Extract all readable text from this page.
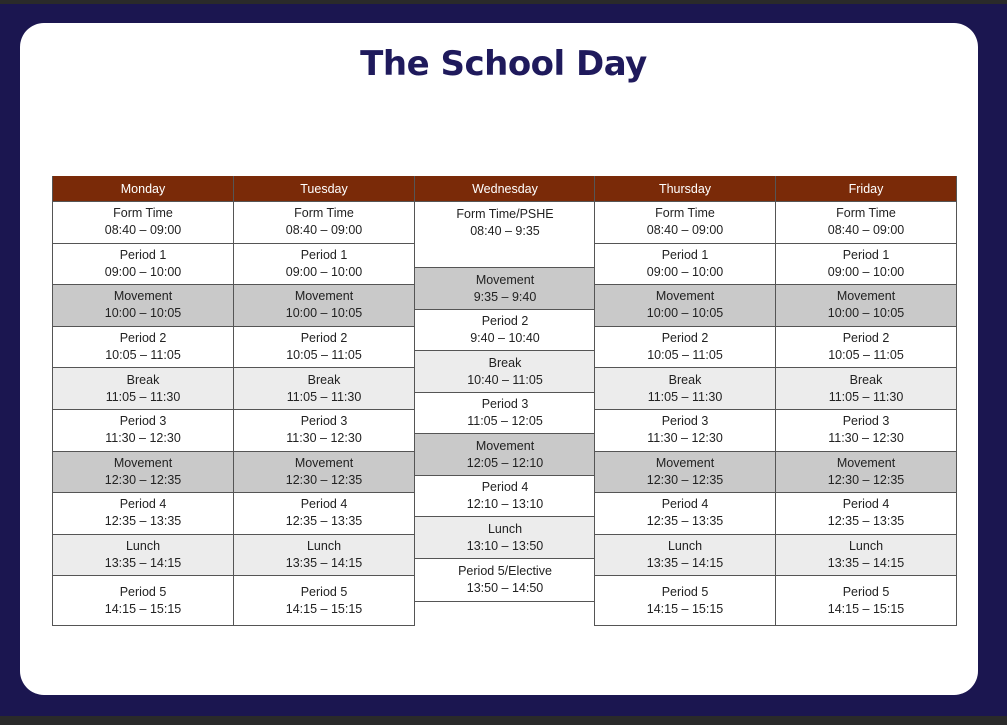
The School Day
Monday
Form Time
08:40 – 09:00
Period 1
09:00 – 10:00
Movement
10:00 – 10:05
Period 2
10:05 – 11:05
Break
11:05 – 11:30
Period 3
11:30 – 12:30
Movement
12:30 – 12:35
Period 4
12:35 – 13:35
Lunch
13:35 – 14:15
Period 5
14:15 – 15:15
Tuesday
Form Time
08:40 – 09:00
Period 1
09:00 – 10:00
Movement
10:00 – 10:05
Period 2
10:05 – 11:05
Break
11:05 – 11:30
Period 3
11:30 – 12:30
Movement
12:30 – 12:35
Period 4
12:35 – 13:35
Lunch
13:35 – 14:15
Period 5
14:15 – 15:15
Wednesday
Form Time/PSHE
08:40 – 9:35
Movement
9:35 – 9:40
Period 2
9:40 – 10:40
Break
10:40 – 11:05
Period 3
11:05 – 12:05
Movement
12:05 – 12:10
Period 4
12:10 – 13:10
Lunch
13:10 – 13:50
Period 5/Elective
13:50 – 14:50
Thursday
Form Time
08:40 – 09:00
Period 1
09:00 – 10:00
Movement
10:00 – 10:05
Period 2
10:05 – 11:05
Break
11:05 – 11:30
Period 3
11:30 – 12:30
Movement
12:30 – 12:35
Period 4
12:35 – 13:35
Lunch
13:35 – 14:15
Period 5
14:15 – 15:15
Friday
Form Time
08:40 – 09:00
Period 1
09:00 – 10:00
Movement
10:00 – 10:05
Period 2
10:05 – 11:05
Break
11:05 – 11:30
Period 3
11:30 – 12:30
Movement
12:30 – 12:35
Period 4
12:35 – 13:35
Lunch
13:35 – 14:15
Period 5
14:15 – 15:15
